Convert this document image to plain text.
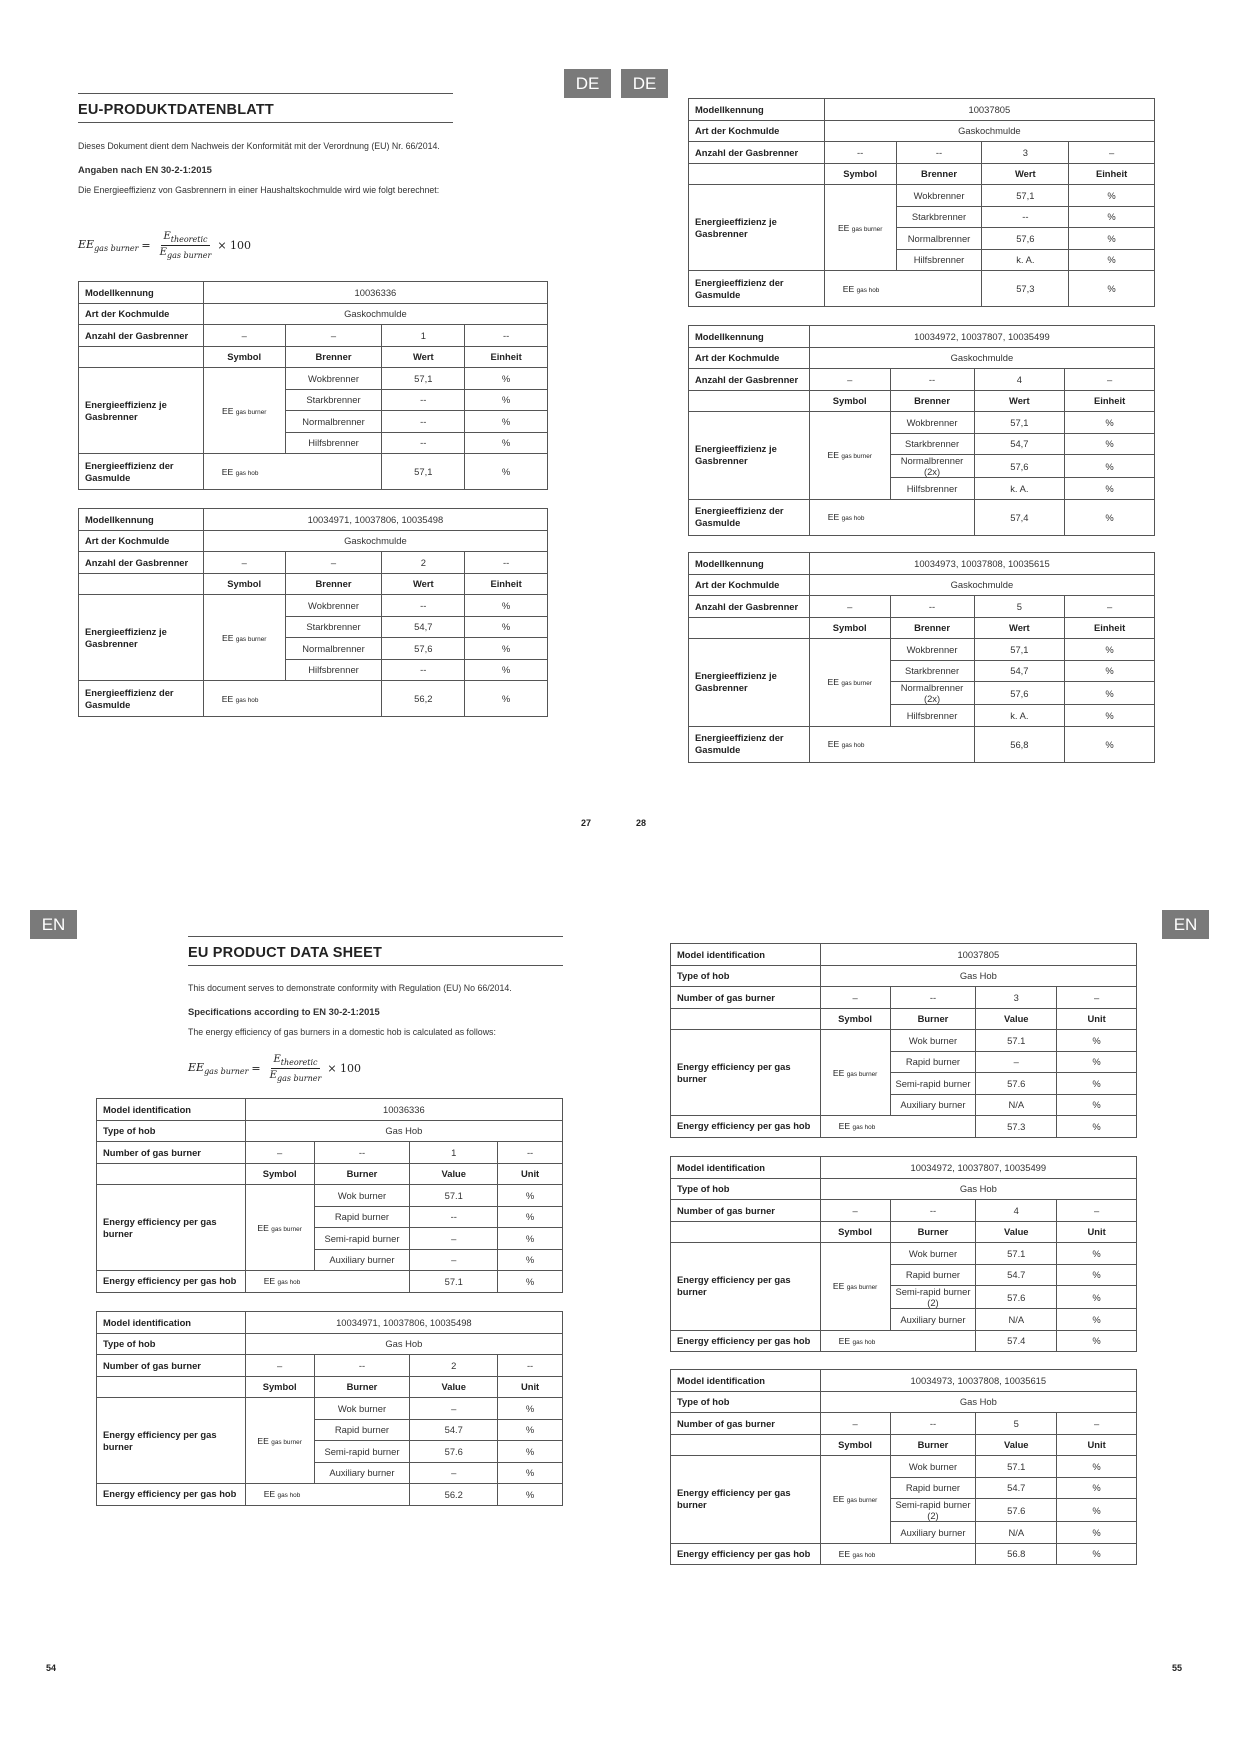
DE	DE
EU-PRODUKTDATENBLATT
Dieses Dokument dient dem Nachweis der Konformität mit der Verordnung (EU) Nr. 66/2014.
Angaben nach EN 30-2-1:2015
Die Energieeffizienz von Gasbrennern in einer Haushaltskochmulde wird wie folgt berechnet:
$EE_{gas burner} = \frac{E_{theoretic}}{E_{gas burner}} \times 100$
27	28
EN	EN
EU PRODUCT DATA SHEET
This document serves to demonstrate conformity with Regulation (EU) No 66/2014.
Specifications according to EN 30-2-1:2015
The energy efficiency of gas burners in a domestic hob is calculated as follows:
$EE_{gas burner} = \frac{E_{theoretic}}{E_{gas burner}} \times 100$
54	55
Modellkennung	10036336			
Art der Kochmulde	Gaskochmulde			
Anzahl der Gasbrenner	–	–	1	--
	Symbol	Brenner	Wert	Einheit
Energieeffizienz je Gasbrenner	EE gas burner	Wokbrenner	57,1	%
		Starkbrenner	--	%
		Normalbrenner	--	%
		Hilfsbrenner	--	%
Energieeffizienz der Gasmulde	EE gas hob		57,1	%
Modellkennung	10034971, 10037806, 10035498			
Art der Kochmulde	Gaskochmulde			
Anzahl der Gasbrenner	–	–	2	--
	Symbol	Brenner	Wert	Einheit
Energieeffizienz je Gasbrenner	EE gas burner	Wokbrenner	--	%
		Starkbrenner	54,7	%
		Normalbrenner	57,6	%
		Hilfsbrenner	--	%
Energieeffizienz der Gasmulde	EE gas hob		56,2	%
Modellkennung	10037805			
Art der Kochmulde	Gaskochmulde			
Anzahl der Gasbrenner	--	--	3	–
	Symbol	Brenner	Wert	Einheit
Energieeffizienz je Gasbrenner	EE gas burner	Wokbrenner	57,1	%
		Starkbrenner	--	%
		Normalbrenner	57,6	%
		Hilfsbrenner	k. A.	%
Energieeffizienz der Gasmulde	EE gas hob		57,3	%
Modellkennung	10034972, 10037807, 10035499			
Art der Kochmulde	Gaskochmulde			
Anzahl der Gasbrenner	–	--	4	–
	Symbol	Brenner	Wert	Einheit
Energieeffizienz je Gasbrenner	EE gas burner	Wokbrenner	57,1	%
		Starkbrenner	54,7	%
		Normalbrenner (2x)	57,6	%
		Hilfsbrenner	k. A.	%
Energieeffizienz der Gasmulde	EE gas hob		57,4	%
Modellkennung	10034973, 10037808, 10035615			
Art der Kochmulde	Gaskochmulde			
Anzahl der Gasbrenner	–	--	5	–
	Symbol	Brenner	Wert	Einheit
Energieeffizienz je Gasbrenner	EE gas burner	Wokbrenner	57,1	%
		Starkbrenner	54,7	%
		Normalbrenner (2x)	57,6	%
		Hilfsbrenner	k. A.	%
Energieeffizienz der Gasmulde	EE gas hob		56,8	%
Model identification	10036336			
Type of hob	Gas Hob			
Number of gas burner	–	--	1	--
	Symbol	Burner	Value	Unit
Energy efficiency per gas burner	EE gas burner	Wok burner	57.1	%
		Rapid burner	--	%
		Semi-rapid burner	–	%
		Auxiliary burner	–	%
Energy efficiency per gas hob	EE gas hob		57.1	%
Model identification	10034971, 10037806, 10035498			
Type of hob	Gas Hob			
Number of gas burner	–	--	2	--
	Symbol	Burner	Value	Unit
Energy efficiency per gas burner	EE gas burner	Wok burner	–	%
		Rapid burner	54.7	%
		Semi-rapid burner	57.6	%
		Auxiliary burner	–	%
Energy efficiency per gas hob	EE gas hob		56.2	%
Model identification	10037805			
Type of hob	Gas Hob			
Number of gas burner	–	--	3	–
	Symbol	Burner	Value	Unit
Energy efficiency per gas burner	EE gas burner	Wok burner	57.1	%
		Rapid burner	–	%
		Semi-rapid burner	57.6	%
		Auxiliary burner	N/A	%
Energy efficiency per gas hob	EE gas hob		57.3	%
Model identification	10034972, 10037807, 10035499			
Type of hob	Gas Hob			
Number of gas burner	–	--	4	–
	Symbol	Burner	Value	Unit
Energy efficiency per gas burner	EE gas burner	Wok burner	57.1	%
		Rapid burner	54.7	%
		Semi-rapid burner (2)	57.6	%
		Auxiliary burner	N/A	%
Energy efficiency per gas hob	EE gas hob		57.4	%
Model identification	10034973, 10037808, 10035615			
Type of hob	Gas Hob			
Number of gas burner	–	--	5	–
	Symbol	Burner	Value	Unit
Energy efficiency per gas burner	EE gas burner	Wok burner	57.1	%
		Rapid burner	54.7	%
		Semi-rapid burner (2)	57.6	%
		Auxiliary burner	N/A	%
Energy efficiency per gas hob	EE gas hob		56.8	%
